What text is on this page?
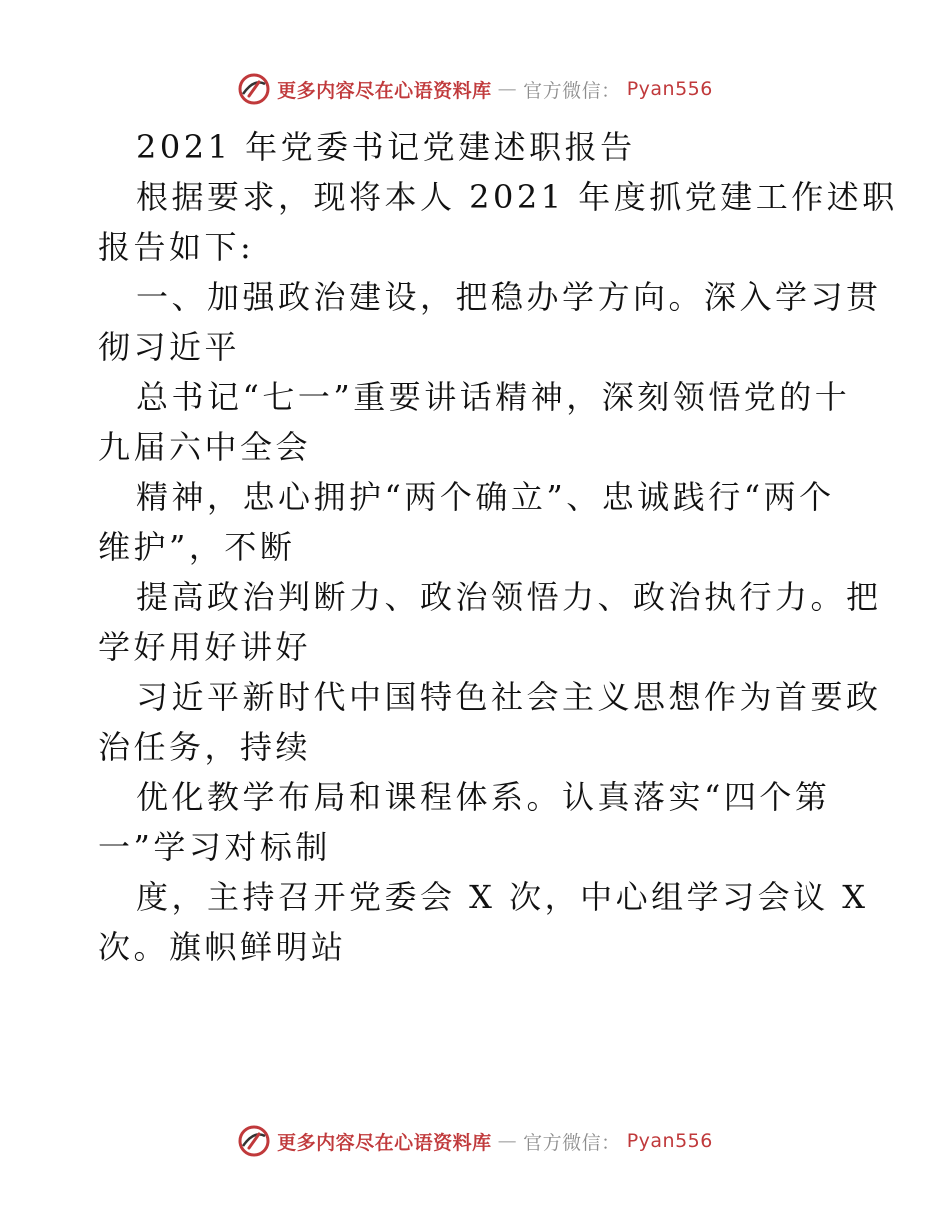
更多内容尽在心语资料库 — 官方微信： Pyan556
2021 年党委书记党建述职报告
根据要求，现将本人 2021 年度抓党建工作述职
报告如下:
一、加强政治建设，把稳办学方向。深入学习贯
彻习近平
总书记“七一”重要讲话精神，深刻领悟党的十
九届六中全会
精神，忠心拥护“两个确立”、忠诚践行“两个
维护”，不断
提高政治判断力、政治领悟力、政治执行力。把
学好用好讲好
习近平新时代中国特色社会主义思想作为首要政
治任务，持续
优化教学布局和课程体系。认真落实“四个第
一”学习对标制
度，主持召开党委会 X 次，中心组学习会议 X
次。旗帜鲜明站
更多内容尽在心语资料库 — 官方微信： Pyan556
